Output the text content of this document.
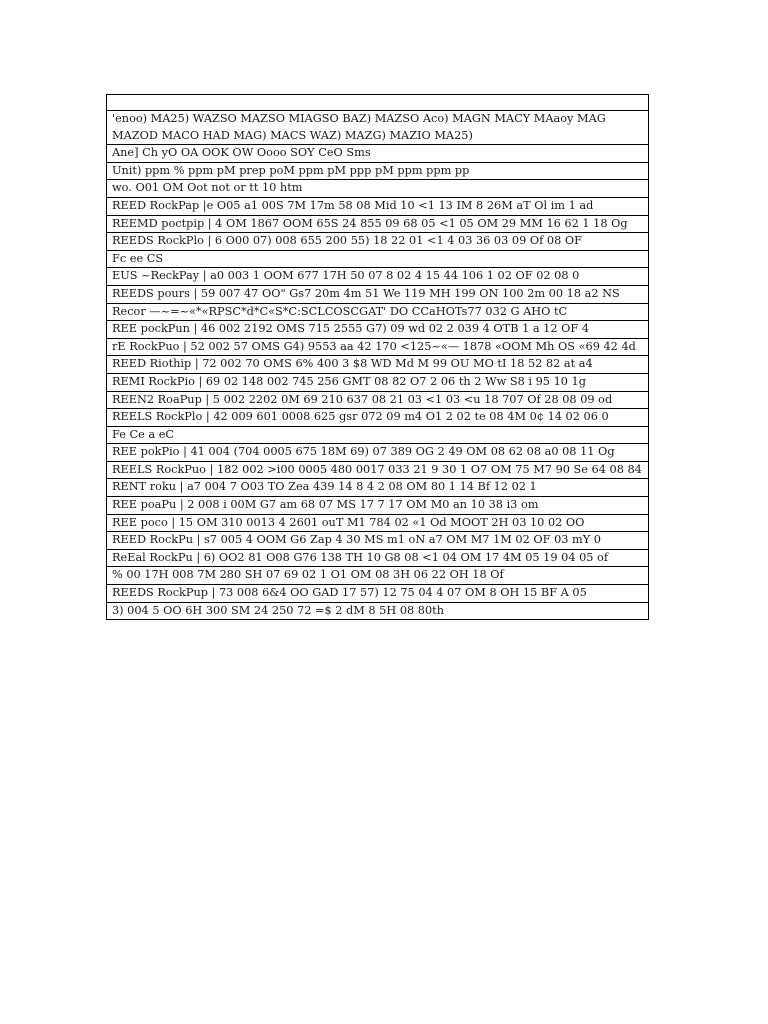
'enoo) MA25) WAZSO MAZSO MIAGSO BAZ) MAZSO Aco) MAGN MACY MAaoy MAG MAZOD MACO HAD MAG) MACS WAZ) MAZG) MAZIO MA25)
Ane] Ch yO OA OOK OW Oooo SOY CeO Sms
Unit) ppm % ppm pM prep poM ppm pM ppp pM ppm ppm pp
wo. O01 OM Oot not or tt 10 htm
REED RockPap |e O05 a1 00S 7M 17m 58 08 Mid 10 <1 13 IM 8 26M aT Ol im 1 ad
REEMD poctpip | 4 OM 1867 OOM 65S 24 855 09 68 05 <1 05 OM 29 MM 16 62 1 18 Og
REEDS RockPlo | 6 O00 07) 008 655 200 55) 18 22 01 <1 4 03 36 03 09 Of 08 OF
Fc ee CS
EUS ~ReckPay | a0 003 1 OOM 677 17H 50 07 8 02 4 15 44 106 1 02 OF 02 08 0
REEDS pours | 59 007 47 OO" Gs7 20m 4m 51 We 119 MH 199 ON 100 2m 00 18 a2 NS
Recor —~=~«*«RPSC*d*C«S*C:SCLCOSCGAT' DO CCaHOTs77 032 G AHO tC
REE pockPun | 46 002 2192 OMS 715 2555 G7) 09 wd 02 2 039 4 OTB 1 a 12 OF 4
rE RockPuo | 52 002 57 OMS G4) 9553 aa 42 170 <125~«— 1878 «OOM Mh OS «69 42 4d
REED Riothip | 72 002 70 OMS 6% 400 3 $8 WD Md M 99 OU MO tI 18 52 82 at a4
REMI RockPio | 69 02 148 002 745 256 GMT 08 82 O7 2 06 th 2 Ww S8 i 95 10 1g
REEN2 RoaPup | 5 002 2202 0M 69 210 637 08 21 03 <1 03 <u 18 707 Of 28 08 09 od
REELS RockPlo | 42 009 601 0008 625 gsr 072 09 m4 O1 2 02 te 08 4M 0¢ 14 02 06 0
Fe Ce a eC
REE pokPio | 41 004 (704 0005 675 18M 69) 07 389 OG 2 49 OM 08 62 08 a0 08 11 Og
REELS RockPuo | 182 002 >i00 0005 480 0017 033 21 9 30 1 O7 OM 75 M7 90 Se 64 08 84
RENT roku | a7 004 7 O03 TO Zea 439 14 8 4 2 08 OM 80 1 14 Bf 12 02 1
REE poaPu | 2 008 i 00M G7 am 68 07 MS 17 7 17 OM M0 an 10 38 i3 om
REE poco | 15 OM 310 0013 4 2601 ouT M1 784 02 «1 Od MOOT 2H 03 10 02 OO
REED RockPu | s7 005 4 OOM G6 Zap 4 30 MS m1 oN a7 OM M7 1M 02 OF 03 mY 0
ReEal RockPu | 6) OO2 81 O08 G76 138 TH 10 G8 08 <1 04 OM 17 4M 05 19 04 05 of
% 00 17H 008 7M 280 SH 07 69 02 1 O1 OM 08 3H 06 22 OH 18 Of
REEDS RockPup | 73 008 6&4 OO GAD 17 57) 12 75 04 4 07 OM 8 OH 15 BF A 05
3) 004 5 OO 6H 300 SM 24 250 72 =$ 2 dM 8 5H 08 80th
